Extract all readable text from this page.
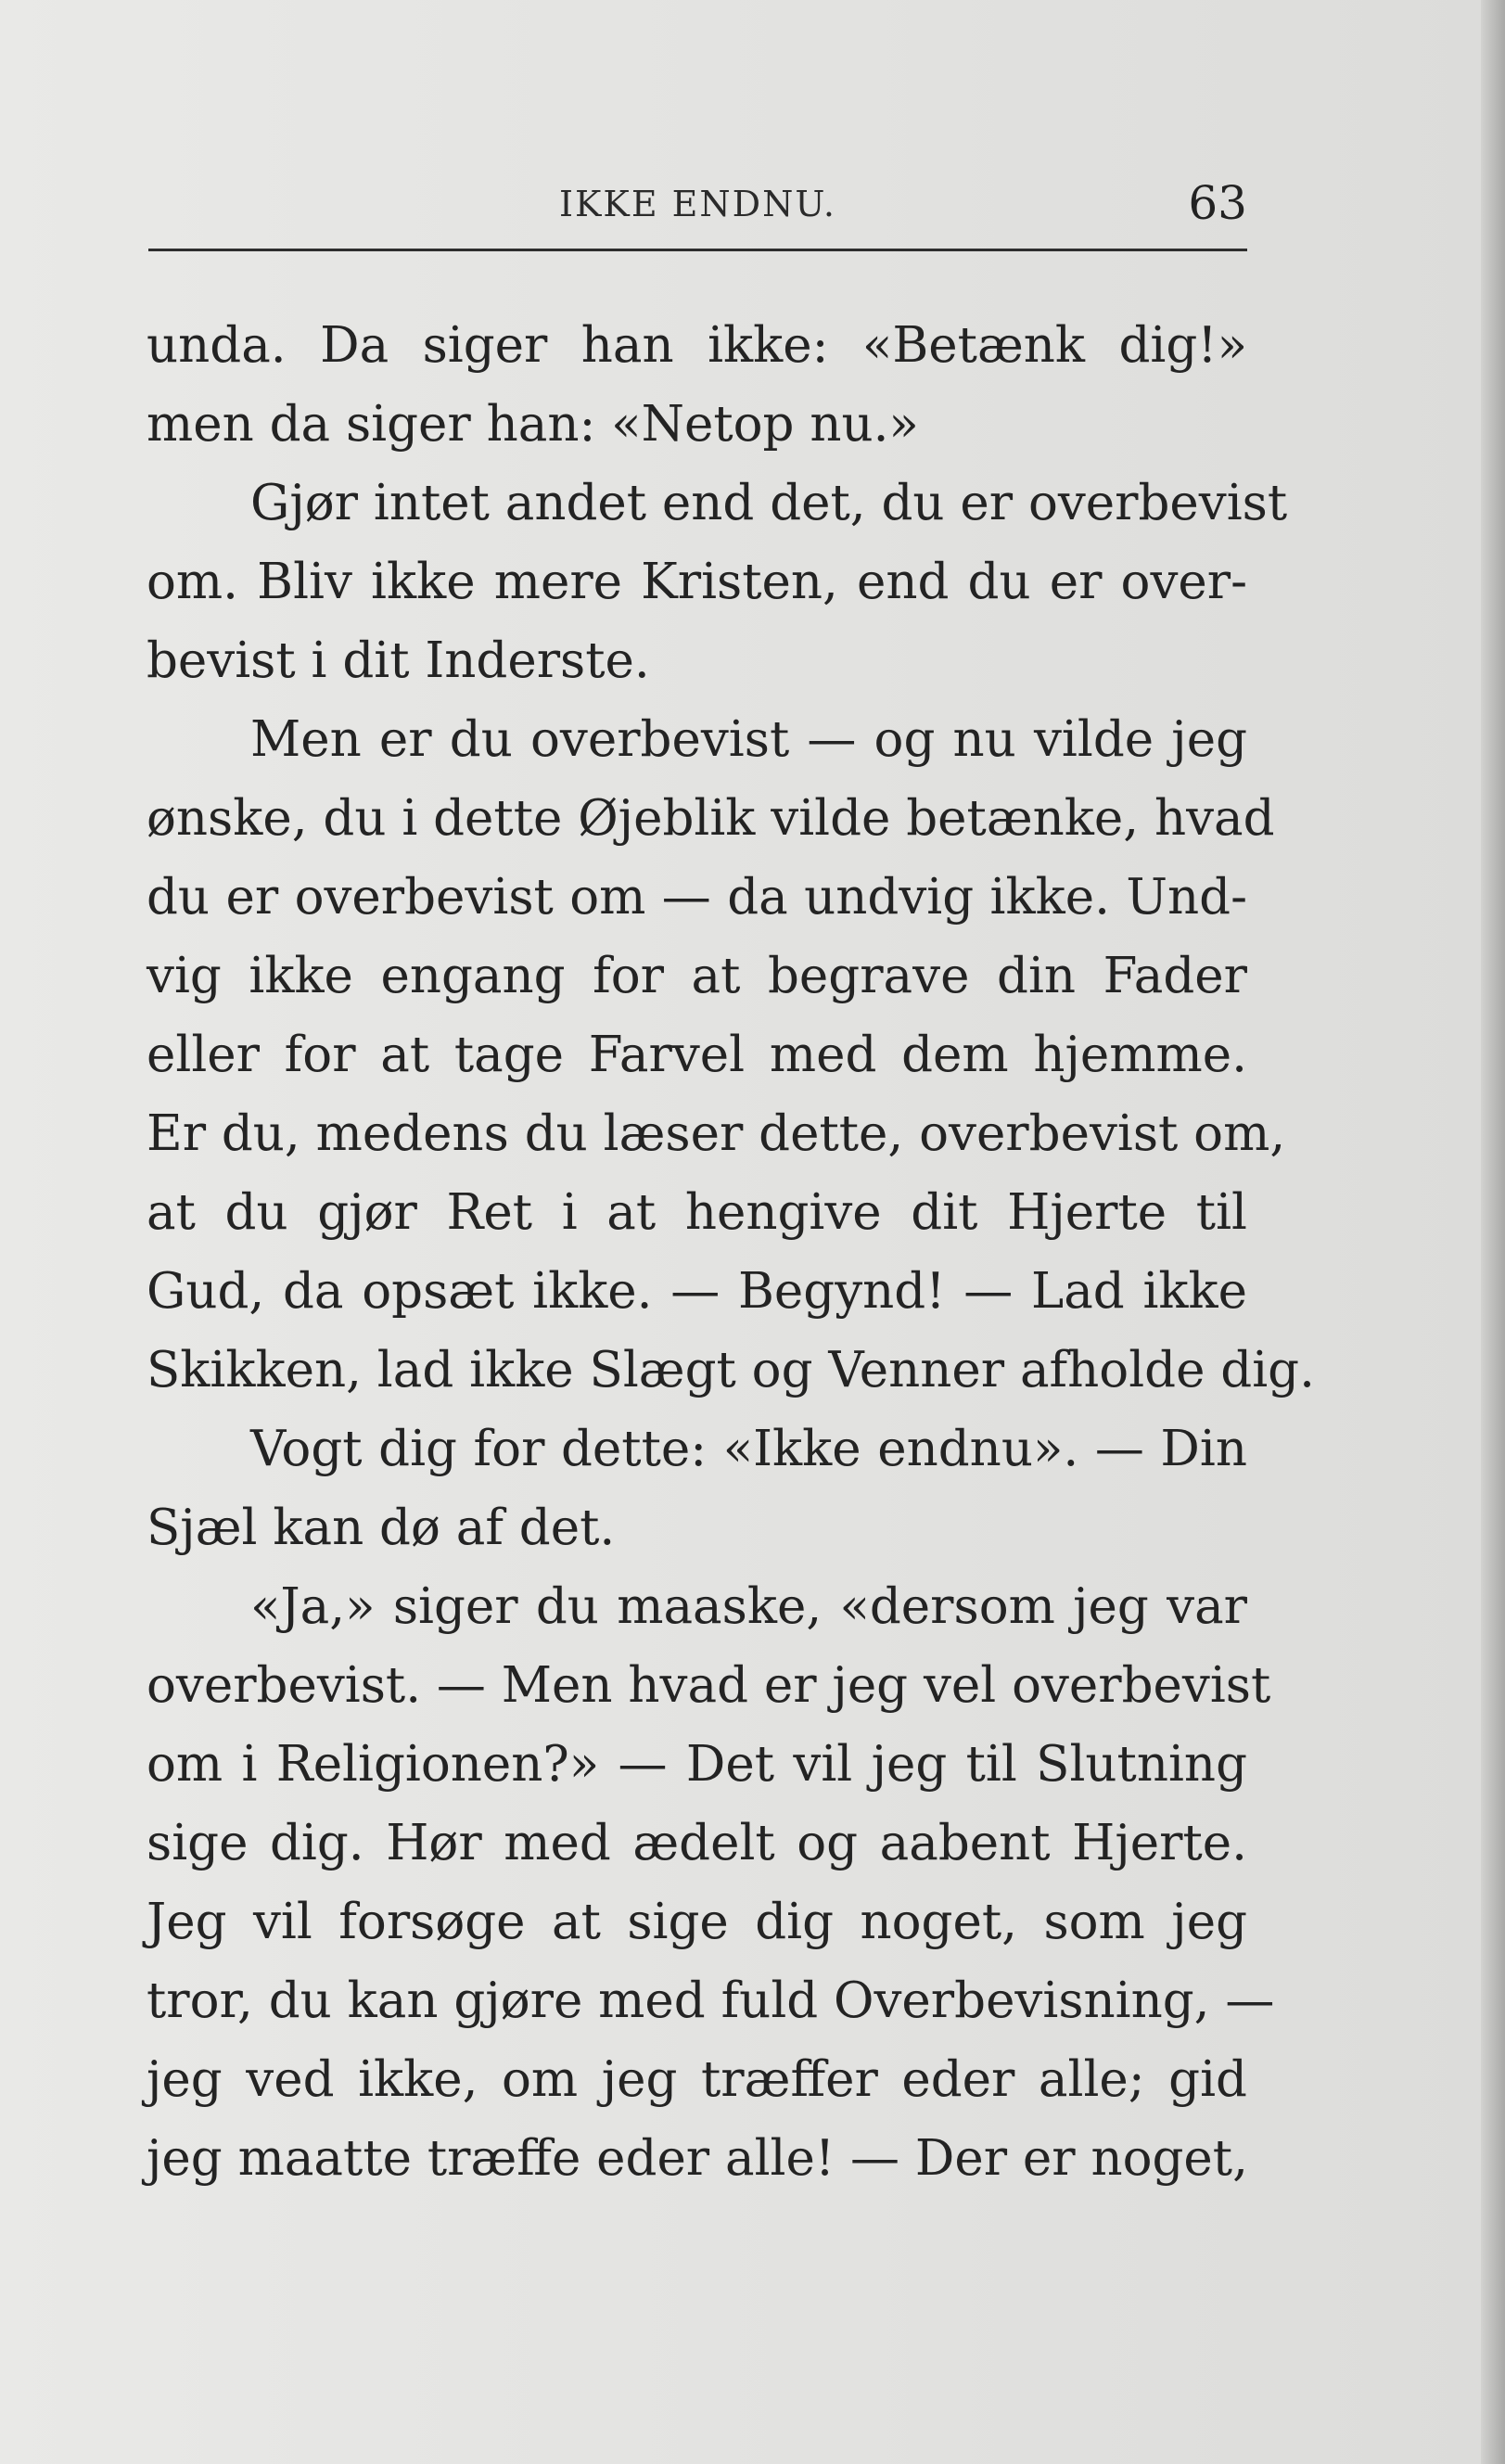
IKKE ENDNU.	63
unda. Da siger han ikke: «Betænk dig!»
men da siger han: «Netop nu.»
Gjør intet andet end det, du er overbevist
om. Bliv ikke mere Kristen, end du er over-
bevist i dit Inderste.
Men er du overbevist — og nu vilde jeg
ønske, du i dette Øjeblik vilde betænke, hvad
du er overbevist om — da undvig ikke. Und-
vig ikke engang for at begrave din Fader
eller for at tage Farvel med dem hjemme.
Er du, medens du læser dette, overbevist om,
at du gjør Ret i at hengive dit Hjerte til
Gud, da opsæt ikke. — Begynd! — Lad ikke
Skikken, lad ikke Slægt og Venner afholde dig.
Vogt dig for dette: «Ikke endnu». — Din
Sjæl kan dø af det.
«Ja,» siger du maaske, «dersom jeg var
overbevist. — Men hvad er jeg vel overbevist
om i Religionen?» — Det vil jeg til Slutning
sige dig. Hør med ædelt og aabent Hjerte.
Jeg vil forsøge at sige dig noget, som jeg
tror, du kan gjøre med fuld Overbevisning, —
jeg ved ikke, om jeg træffer eder alle; gid
jeg maatte træffe eder alle! — Der er noget,
